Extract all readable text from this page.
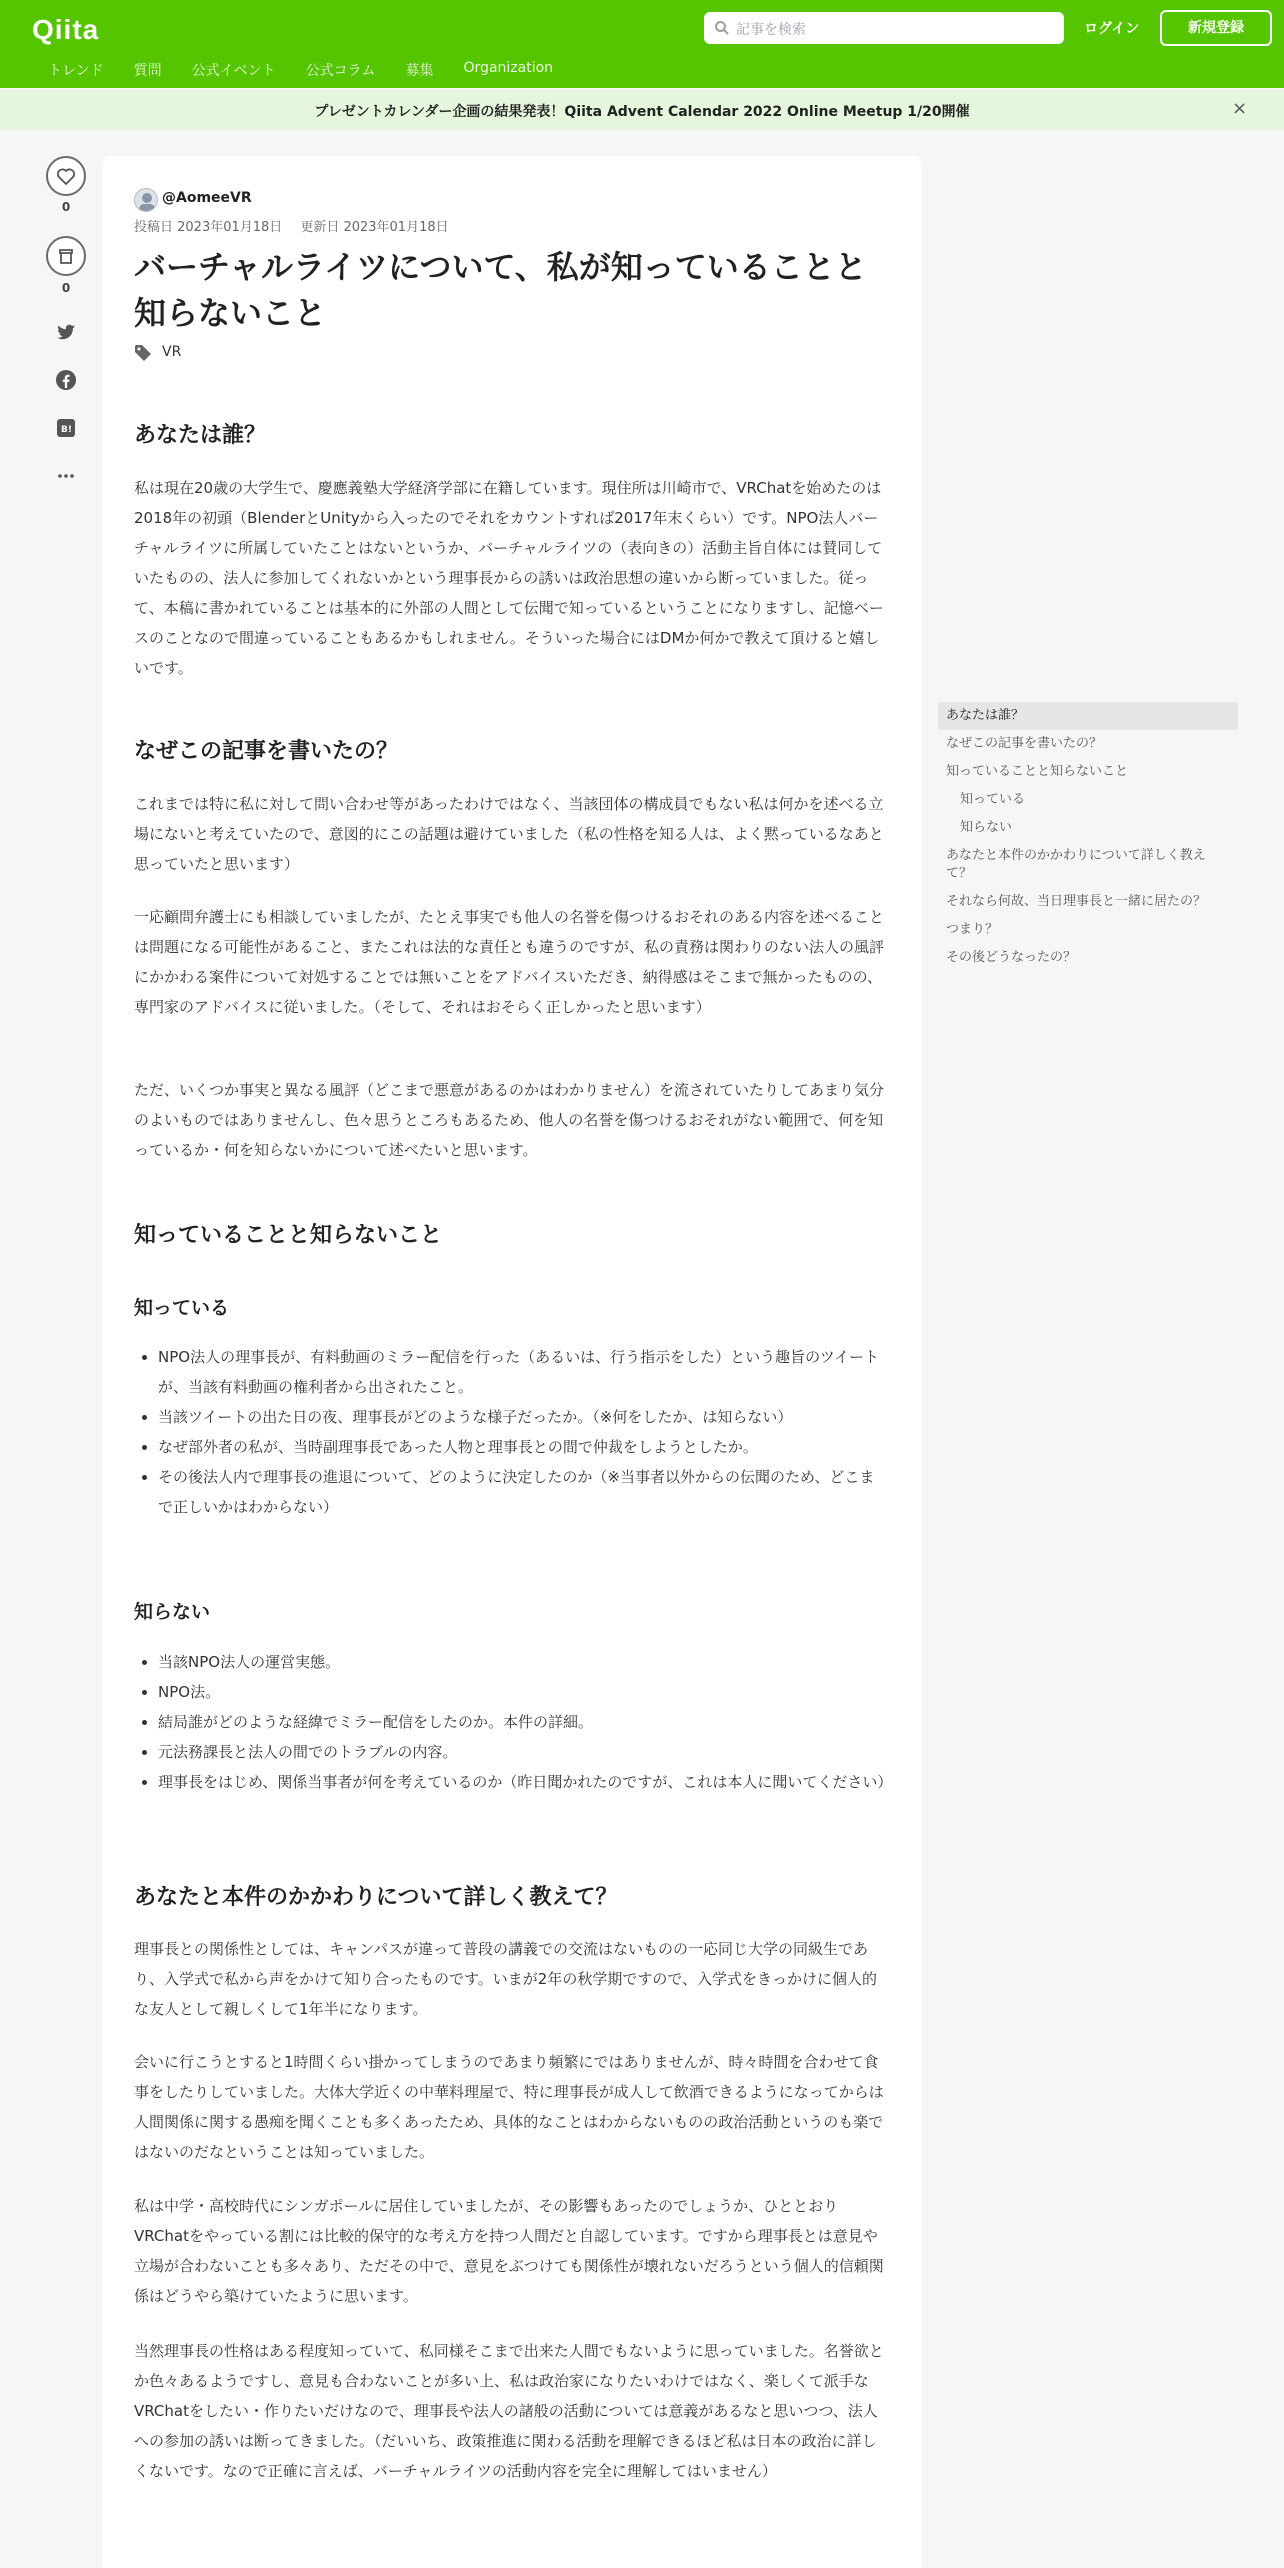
Qiita	記事を検索	ログイン	新規登録
トレンド 質問 公式イベント 公式コラム 募集 Organization
プレゼントカレンダー企画の結果発表！Qiita Advent Calendar 2022 Online Meetup 1/20開催	×
0
0
B!
@AomeeVR
投稿日 2023年01月18日 更新日 2023年01月18日
バーチャルライツについて、私が知っていることと知らないこと
VR
あなたは誰？
私は現在20歳の大学生で、慶應義塾大学経済学部に在籍しています。現住所は川崎市で、VRChatを始めたのは2018年の初頭（BlenderとUnityから入ったのでそれをカウントすれば2017年末くらい）です。NPO法人バーチャルライツに所属していたことはないというか、バーチャルライツの（表向きの）活動主旨自体には賛同していたものの、法人に参加してくれないかという理事長からの誘いは政治思想の違いから断っていました。従って、本稿に書かれていることは基本的に外部の人間として伝聞で知っているということになりますし、記憶ベースのことなので間違っていることもあるかもしれません。そういった場合にはDMか何かで教えて頂けると嬉しいです。
なぜこの記事を書いたの？
これまでは特に私に対して問い合わせ等があったわけではなく、当該団体の構成員でもない私は何かを述べる立場にないと考えていたので、意図的にこの話題は避けていました（私の性格を知る人は、よく黙っているなあと思っていたと思います）
一応顧問弁護士にも相談していましたが、たとえ事実でも他人の名誉を傷つけるおそれのある内容を述べることは問題になる可能性があること、またこれは法的な責任とも違うのですが、私の責務は関わりのない法人の風評にかかわる案件について対処することでは無いことをアドバイスいただき、納得感はそこまで無かったものの、専門家のアドバイスに従いました。（そして、それはおそらく正しかったと思います）
ただ、いくつか事実と異なる風評（どこまで悪意があるのかはわかりません）を流されていたりしてあまり気分のよいものではありませんし、色々思うところもあるため、他人の名誉を傷つけるおそれがない範囲で、何を知っているか・何を知らないかについて述べたいと思います。
知っていることと知らないこと
知っている
• NPO法人の理事長が、有料動画のミラー配信を行った（あるいは、行う指示をした）という趣旨のツイートが、当該有料動画の権利者から出されたこと。
• 当該ツイートの出た日の夜、理事長がどのような様子だったか。（※何をしたか、は知らない）
• なぜ部外者の私が、当時副理事長であった人物と理事長との間で仲裁をしようとしたか。
• その後法人内で理事長の進退について、どのように決定したのか（※当事者以外からの伝聞のため、どこまで正しいかはわからない）
知らない
• 当該NPO法人の運営実態。
• NPO法。
• 結局誰がどのような経緯でミラー配信をしたのか。本件の詳細。
• 元法務課長と法人の間でのトラブルの内容。
• 理事長をはじめ、関係当事者が何を考えているのか（昨日聞かれたのですが、これは本人に聞いてください）
あなたと本件のかかわりについて詳しく教えて？
理事長との関係性としては、キャンパスが違って普段の講義での交流はないものの一応同じ大学の同級生であり、入学式で私から声をかけて知り合ったものです。いまが2年の秋学期ですので、入学式をきっかけに個人的な友人として親しくして1年半になります。
会いに行こうとすると1時間くらい掛かってしまうのであまり頻繁にではありませんが、時々時間を合わせて食事をしたりしていました。大体大学近くの中華料理屋で、特に理事長が成人して飲酒できるようになってからは人間関係に関する愚痴を聞くことも多くあったため、具体的なことはわからないものの政治活動というのも楽ではないのだなということは知っていました。
私は中学・高校時代にシンガポールに居住していましたが、その影響もあったのでしょうか、ひととおりVRChatをやっている割には比較的保守的な考え方を持つ人間だと自認しています。ですから理事長とは意見や立場が合わないことも多々あり、ただその中で、意見をぶつけても関係性が壊れないだろうという個人的信頼関係はどうやら築けていたように思います。
当然理事長の性格はある程度知っていて、私同様そこまで出来た人間でもないように思っていました。名誉欲とか色々あるようですし、意見も合わないことが多い上、私は政治家になりたいわけではなく、楽しくて派手なVRChatをしたい・作りたいだけなので、理事長や法人の諸般の活動については意義があるなと思いつつ、法人への参加の誘いは断ってきました。（だいいち、政策推進に関わる活動を理解できるほど私は日本の政治に詳しくないです。なので正確に言えば、バーチャルライツの活動内容を完全に理解してはいません）
あなたは誰？
なぜこの記事を書いたの？
知っていることと知らないこと
知っている
知らない
あなたと本件のかかわりについて詳しく教えて？
それなら何故、当日理事長と一緒に居たの？
つまり？
その後どうなったの？
